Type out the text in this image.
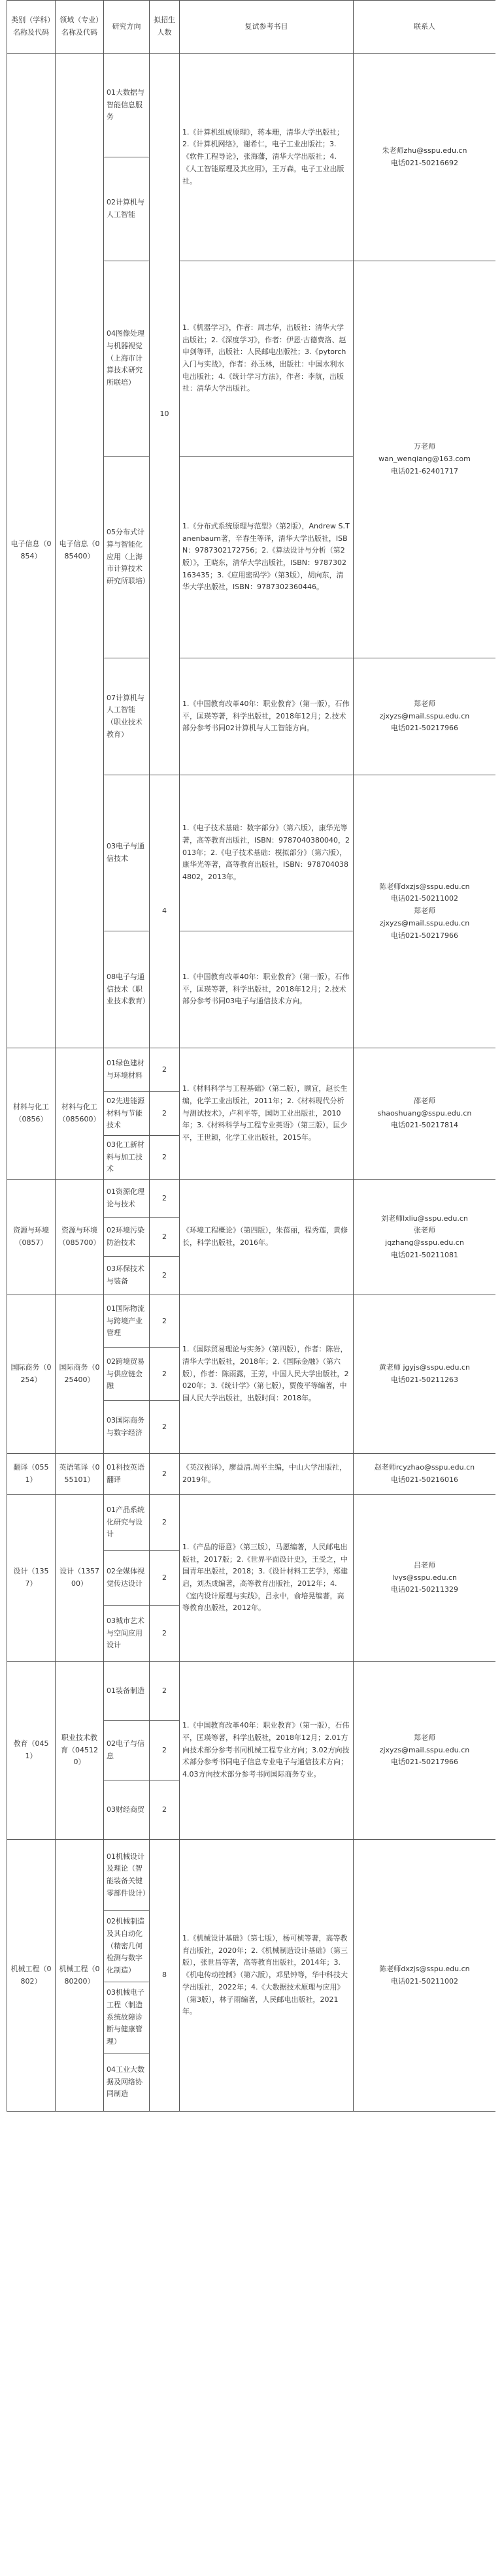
类别（学科）名称及代码	领域（专业）名称及代码	研究方向	拟招生人数	复试参考书目	联系人
电子信息（0854）	电子信息（085400）	01大数据与智能信息服务	10	1.《计算机组成原理》，蒋本珊，清华大学出版社；2.《计算机网络》，谢希仁，电子工业出版社；3.《软件工程导论》，张海藩，清华大学出版社；4.《人工智能原理及其应用》，王万森，电子工业出版社。	朱老师zhu@sspu.edu.cn
电话021-50216692

		02计算机与人工智能			
		04图像处理与机器视觉（上海市计算技术研究所联培）		1.《机器学习》，作者：周志华，出版社：清华大学出版社；2.《深度学习》，作者：伊恩·古德费洛、赵申剑等译，出版社：人民邮电出版社；3.《pytorch入门与实战》，作者：孙玉林，出版社：中国水利水电出版社；4.《统计学习方法》，作者：李航，出版社：清华大学出版社。	万老师
wan_wenqiang@163.com
电话021-62401717

		05分布式计算与智能化应用（上海市计算技术研究所联培）		1.《分布式系统原理与范型》（第2版），Andrew S.Tanenbaum著，辛春生等译，清华大学出版社，ISBN：9787302172756；2.《算法设计与分析（第2版）》，王晓东，清华大学出版社，ISBN：9787302163435；3.《应用密码学》（第3版），胡向东，清华大学出版社，ISBN：9787302360446。	
		07计算机与人工智能（职业技术教育）		1.《中国教育改革40年：职业教育》（第一版），石伟平，匡瑛等著，科学出版社，2018年12月；2.技术部分参考书同02计算机与人工智能方向。	郑老师
zjxyzs@mail.sspu.edu.cn
电话021-50217966

		03电子与通信技术	4	1.《电子技术基础：数字部分》（第六版），康华光等著，高等教育出版社，ISBN：9787040380040，2013年；2.《电子技术基础：模拟部分》（第六版），康华光等著，高等教育出版社，ISBN：9787040384802，2013年。	陈老师dxzjs@sspu.edu.cn
电话021-50211002
郑老师
zjxyzs@mail.sspu.edu.cn
电话021-50217966

		08电子与通信技术（职业技术教育）		1.《中国教育改革40年：职业教育》（第一版），石伟平，匡瑛等著，科学出版社，2018年12月；2.技术部分参考书同03电子与通信技术方向。	
材料与化工（0856）	材料与化工（085600）	01绿色建材与环境材料	2	1.《材料科学与工程基础》（第二版），顾宜，赵长生编，化学工业出版社，2011年；2.《材料现代分析与测试技术》，卢利平等，国防工业出版社，2010年；3.《材料科学与工程专业英语》（第三版），匡少平，王世颖，化学工业出版社，2015年。	邵老师
shaoshuang@sspu.edu.cn
电话021-50217814

		02先进能源材料与节能技术	2		
		03化工新材料与加工技术	2		
资源与环境（0857）	资源与环境（085700）	01资源化理论与技术	2	《环境工程概论》（第四版），朱蓓丽，程秀莲，黄修长，科学出版社，2016年。	刘老师lxliu@sspu.edu.cn
张老师
jqzhang@sspu.edu.cn
电话021-50211081

		02环境污染防治技术	2		
		03环保技术与装备	2		
国际商务（0254）	国际商务（025400）	01国际物流与跨境产业管理	2	1.《国际贸易理论与实务》（第四版），作者：陈岩，清华大学出版社，2018年；2.《国际金融》（第六版），作者：陈雨露，王芳，中国人民大学出版社，2020年；3.《统计学》（第七版），贾俊平等编著，中国人民大学出版社，出版时间：2018年。	黄老师 jgyjs@sspu.edu.cn
电话021-50211263

		02跨境贸易与供应链金融	2		
		03国际商务与数字经济	2		
翻译（0551）	英语笔译（055101）	01科技英语翻译	2	《英汉视译》，廖益清,周平主编，中山大学出版社，2019年。	赵老师rcyzhao@sspu.edu.cn
电话021-50216016

设计（1357）	设计（135700）	01产品系统化研究与设计	2	1.《产品的语意》（第三版），马愿编著，人民邮电出版社，2017版；2.《世界平面设计史》，王受之，中国青年出版社，2018；3.《设计材料工艺学》，郑建启，刘杰成编著，高等教育出版社，2012年；4.《室内设计原理与实践》，吕永中，俞培晃编著，高等教育出版社，2012年。	吕老师
lvys@sspu.edu.cn
电话021-50211329

		02全媒体视觉传达设计	2		
		03城市艺术与空间应用设计	2		
教育（0451）	职业技术教育（045120）	01装备制造	2	1.《中国教育改革40年：职业教育》（第一版），石伟平，匡瑛等著，科学出版社，2018年12月；2.01方向技术部分参考书同机械工程专业方向；3.02方向技术部分参考书同电子信息专业电子与通信技术方向；4.03方向技术部分参考书同国际商务专业。	郑老师
zjxyzs@mail.sspu.edu.cn
电话021-50217966

		02电子与信息	2		
		03财经商贸	2		
机械工程（0802）	机械工程（080200）	01机械设计及理论（智能装备关键零部件设计）	8	1.《机械设计基础》（第七版），杨可桢等著，高等教育出版社，2020年；2.《机械制造设计基础》（第三版），张世昌等著，高等教育出版社，2014年；3.《机电传动控制》（第六版），邓星钟等，华中科技大学出版社，2022年；4.《大数据技术原理与应用》（第3版），林子雨编著，人民邮电出版社，2021年。	陈老师dxzjs@sspu.edu.cn
电话021-50211002

		02机械制造及其自动化（精密几何检测与数字化制造）			
		03机械电子工程（制造系统故障诊断与健康管理）			
		04工业大数据及网络协同制造			
